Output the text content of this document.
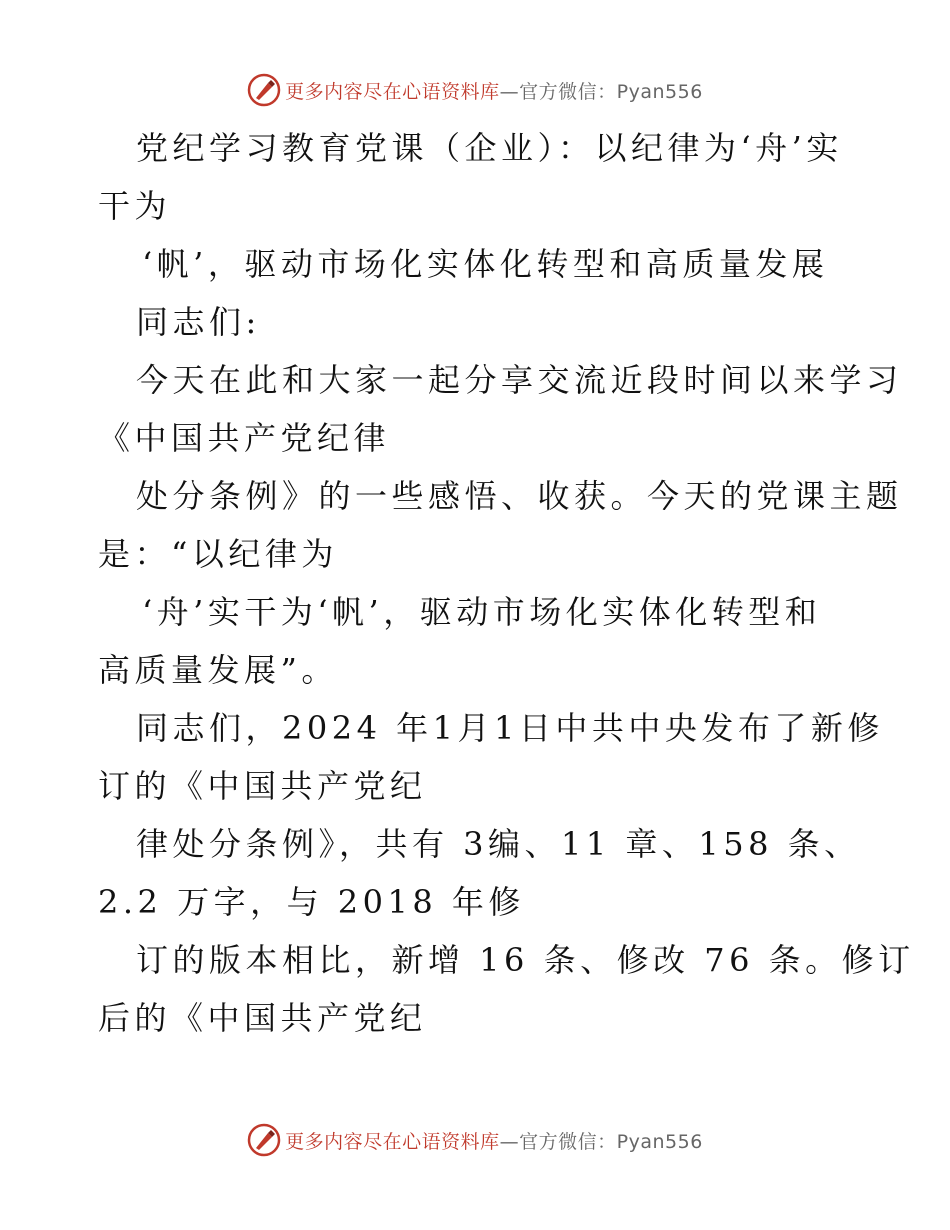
更多内容尽在心语资料库—官方微信：Pyan556
党纪学习教育党课（企业）：以纪律为‘舟’实
干为
‘帆’，驱动市场化实体化转型和高质量发展
同志们:
今天在此和大家一起分享交流近段时间以来学习
《中国共产党纪律
处分条例》的一些感悟、收获。今天的党课主题
是：“以纪律为
‘舟’实干为‘帆’，驱动市场化实体化转型和
高质量发展”。
同志们，2024 年1月1日中共中央发布了新修
订的《中国共产党纪
律处分条例》，共有 3编、11 章、158 条、
2.2 万字，与 2018 年修
订的版本相比，新增 16 条、修改 76 条。修订
后的《中国共产党纪
更多内容尽在心语资料库—官方微信：Pyan556
